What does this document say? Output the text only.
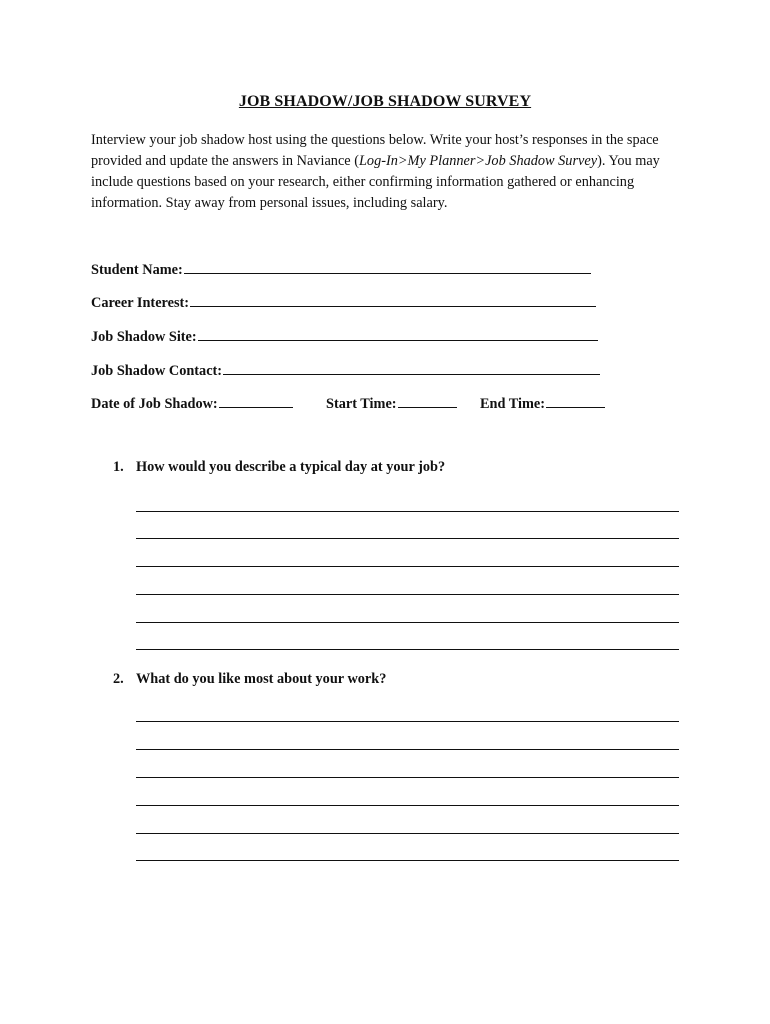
JOB SHADOW/JOB SHADOW SURVEY
Interview your job shadow host using the questions below. Write your host’s responses in the space provided and update the answers in Naviance (Log-In>My Planner>Job Shadow Survey). You may include questions based on your research, either confirming information gathered or enhancing information. Stay away from personal issues, including salary.
Student Name:
Career Interest:
Job Shadow Site:
Job Shadow Contact:
Date of Job Shadow:	Start Time:	End Time:
1. How would you describe a typical day at your job?
2. What do you like most about your work?
